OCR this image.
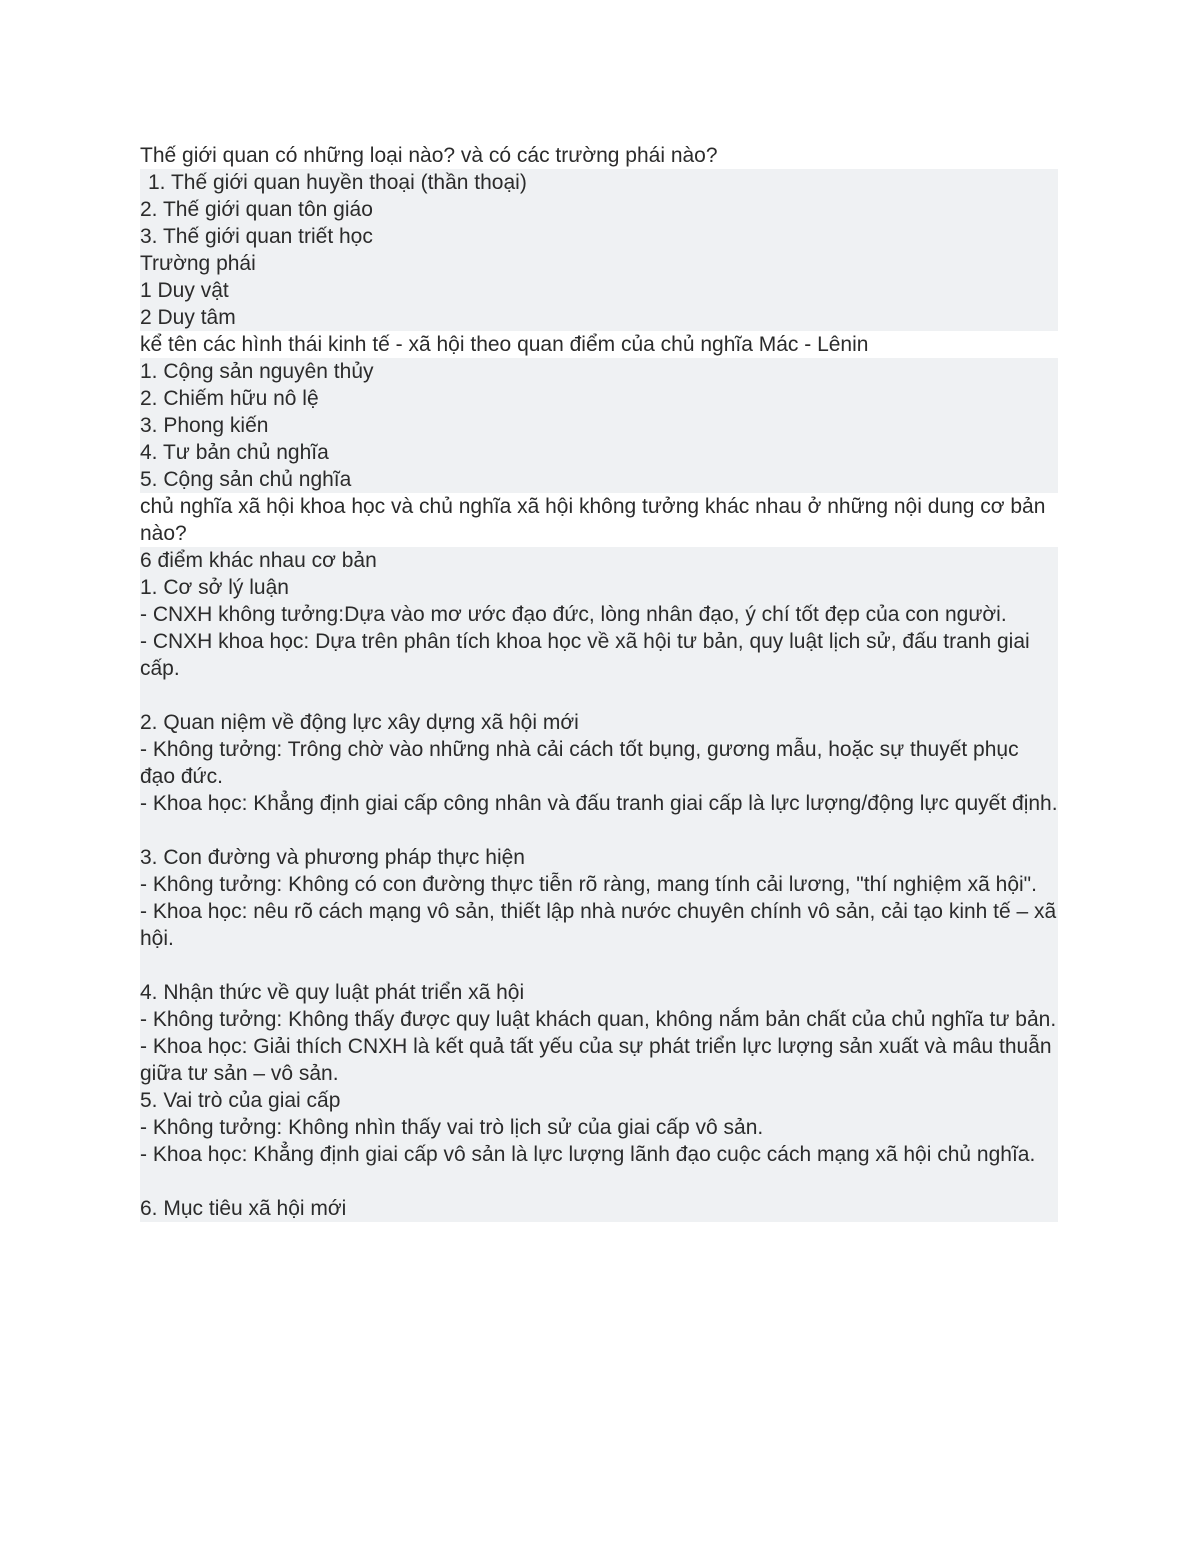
Thế giới quan có những loại nào? và có các trường phái nào?
1. Thế giới quan huyền thoại (thần thoại)
2. Thế giới quan tôn giáo
3. Thế giới quan triết học
Trường phái
1 Duy vật
2 Duy tâm
kể tên các hình thái kinh tế - xã hội theo quan điểm của chủ nghĩa Mác - Lênin
1. Cộng sản nguyên thủy
2. Chiếm hữu nô lệ
3. Phong kiến
4. Tư bản chủ nghĩa
5. Cộng sản chủ nghĩa
chủ nghĩa xã hội khoa học và chủ nghĩa xã hội không tưởng khác nhau ở những nội dung cơ bản nào?
6 điểm khác nhau cơ bản
1. Cơ sở lý luận
- CNXH không tưởng:Dựa vào mơ ước đạo đức, lòng nhân đạo, ý chí tốt đẹp của con người.
- CNXH khoa học: Dựa trên phân tích khoa học về xã hội tư bản, quy luật lịch sử, đấu tranh giai cấp.
2. Quan niệm về động lực xây dựng xã hội mới
- Không tưởng: Trông chờ vào những nhà cải cách tốt bụng, gương mẫu, hoặc sự thuyết phục đạo đức.
- Khoa học: Khẳng định giai cấp công nhân và đấu tranh giai cấp là lực lượng/động lực quyết định.
3. Con đường và phương pháp thực hiện
- Không tưởng: Không có con đường thực tiễn rõ ràng, mang tính cải lương, "thí nghiệm xã hội".
- Khoa học: nêu rõ cách mạng vô sản, thiết lập nhà nước chuyên chính vô sản, cải tạo kinh tế – xã hội.
4. Nhận thức về quy luật phát triển xã hội
- Không tưởng: Không thấy được quy luật khách quan, không nắm bản chất của chủ nghĩa tư bản.
- Khoa học: Giải thích CNXH là kết quả tất yếu của sự phát triển lực lượng sản xuất và mâu thuẫn giữa tư sản – vô sản.
5. Vai trò của giai cấp
- Không tưởng: Không nhìn thấy vai trò lịch sử của giai cấp vô sản.
- Khoa học: Khẳng định giai cấp vô sản là lực lượng lãnh đạo cuộc cách mạng xã hội chủ nghĩa.
6. Mục tiêu xã hội mới
